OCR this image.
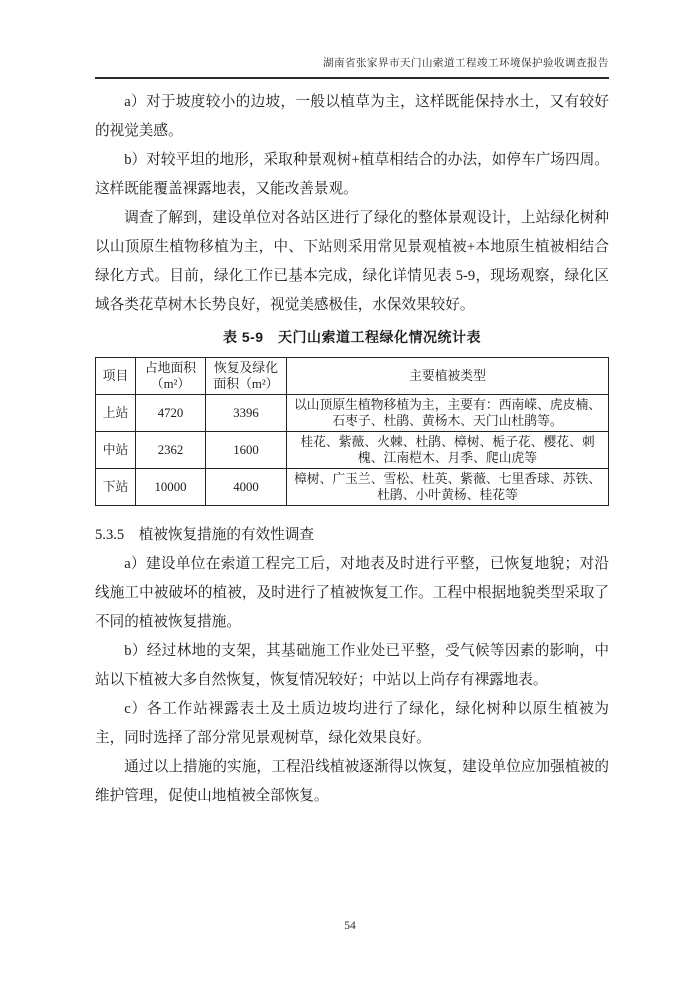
湖南省张家界市天门山索道工程竣工环境保护验收调查报告

a）对于坡度较小的边坡，一般以植草为主，这样既能保持水土，又有较好的视觉美感。

b）对较平坦的地形，采取种景观树+植草相结合的办法，如停车广场四周。这样既能覆盖裸露地表，又能改善景观。

调查了解到，建设单位对各站区进行了绿化的整体景观设计，上站绿化树种以山顶原生植物移植为主，中、下站则采用常见景观植被+本地原生植被相结合绿化方式。目前，绿化工作已基本完成，绿化详情见表 5-9，现场观察，绿化区域各类花草树木长势良好，视觉美感极佳，水保效果较好。

表 5-9　天门山索道工程绿化情况统计表

项目	占地面积（m²）	恢复及绿化面积（m²）	主要植被类型
上站	4720	3396	以山顶原生植物移植为主，主要有：西南嵘、虎皮楠、石枣子、杜鹃、黄杨木、天门山杜鹃等。
中站	2362	1600	桂花、紫薇、火棘、杜鹃、樟树、栀子花、樱花、刺槐、江南桤木、月季、爬山虎等
下站	10000	4000	樟树、广玉兰、雪松、杜英、紫薇、七里香球、苏铁、杜鹃、小叶黄杨、桂花等
5.3.5　植被恢复措施的有效性调查

a）建设单位在索道工程完工后，对地表及时进行平整，已恢复地貌；对沿线施工中被破坏的植被，及时进行了植被恢复工作。工程中根据地貌类型采取了不同的植被恢复措施。

b）经过林地的支架，其基础施工作业处已平整，受气候等因素的影响，中站以下植被大多自然恢复，恢复情况较好；中站以上尚存有裸露地表。

c）各工作站裸露表土及土质边坡均进行了绿化，绿化树种以原生植被为主，同时选择了部分常见景观树草，绿化效果良好。

通过以上措施的实施，工程沿线植被逐渐得以恢复，建设单位应加强植被的维护管理，促使山地植被全部恢复。

54
